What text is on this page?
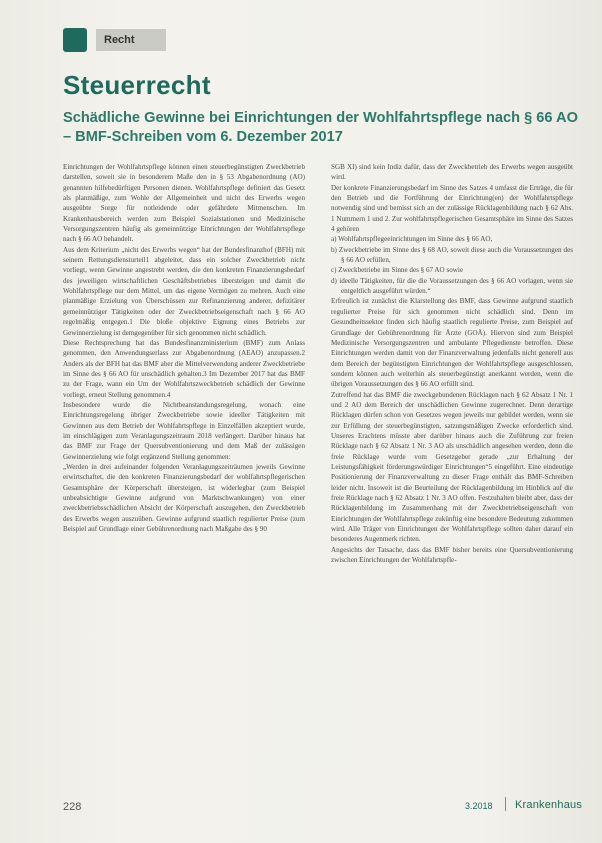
Recht
Steuerrecht
Schädliche Gewinne bei Einrichtungen der Wohlfahrtspflege nach § 66 AO – BMF-Schreiben vom 6. Dezember 2017

Einrichtungen der Wohlfahrtspflege können einen steuerbegünstigten Zweckbetrieb darstellen, soweit sie in besonderem Maße den in § 53 Abgabenordnung (AO) genannten hilfebedürftigen Personen dienen. Wohlfahrtspflege definiert das Gesetz als planmäßige, zum Wohle der Allgemeinheit und nicht des Erwerbs wegen ausgeübte Sorge für notleidende oder gefährdete Mitmenschen. Im Krankenhausbereich werden zum Beispiel Sozialstationen und Medizinische Versorgungszentren häufig als gemeinnützige Einrichtungen der Wohlfahrtspflege nach § 66 AO behandelt.

Aus dem Kriterium „nicht des Erwerbs wegen“ hat der Bundesfinanzhof (BFH) mit seinem Rettungsdiensturteil1 abgeleitet, dass ein solcher Zweckbetrieb nicht vorliegt, wenn Gewinne angestrebt werden, die den konkreten Finanzierungsbedarf des jeweiligen wirtschaftlichen Geschäftsbetriebes übersteigen und damit die Wohlfahrtspflege nur dem Mittel, um das eigene Vermögen zu mehren. Auch eine planmäßige Erzielung von Überschüssen zur Refinanzierung anderer, defizitärer gemeinnütziger Tätigkeiten oder der Zweckbetriebseigenschaft nach § 66 AO regelmäßig entgegen.1 Die bloße objektive Eignung eines Betriebs zur Gewinnerzielung ist demgegenüber für sich genommen nicht schädlich.

Diese Rechtsprechung hat das Bundesfinanzministerium (BMF) zum Anlass genommen, den Anwendungserlass zur Abgabenordnung (AEAO) anzupassen.2 Anders als der BFH hat das BMF aber die Mittelverwendung anderer Zweckbetriebe im Sinne des § 66 AO für unschädlich gehalten.3 Im Dezember 2017 hat das BMF zu der Frage, wann ein Um der Wohlfahrtszweckbetrieb schädlich der Gewinne vorliegt, erneut Stellung genommen.4

Insbesondere wurde die Nichtbeanstandungsregelung, wonach eine Einrichtungsregelung übriger Zweckbetriebe sowie ideeller Tätigkeiten mit Gewinnen aus dem Betrieb der Wohlfahrtspflege in Einzelfällen akzeptiert wurde, im einschlägigen zum Veranlagungszeitraum 2018 verlängert. Darüber hinaus hat das BMF zur Frage der Quersubventionierung und dem Maß der zulässigen Gewinnerzielung wie folgt ergänzend Stellung genommen:

„Werden in drei aufeinander folgenden Veranlagungszeiträumen jeweils Gewinne erwirtschaftet, die den konkreten Finanzierungsbedarf der wohlfahrtspflegerischen Gesamtsphäre der Körperschaft übersteigen, ist widerlegbar (zum Beispiel unbeabsichtigte Gewinne aufgrund von Marktschwankungen) von einer zweckbetriebsschädlichen Absicht der Körperschaft auszugehen, den Zweckbetrieb des Erwerbs wegen auszuüben. Gewinne aufgrund staatlich regulierter Preise (zum Beispiel auf Grundlage einer Gebührenordnung nach Maßgabe des § 90

SGB XI) sind kein Indiz dafür, dass der Zweckbetrieb des Erwerbs wegen ausgeübt wird.

Der konkrete Finanzierungsbedarf im Sinne des Satzes 4 umfasst die Erträge, die für den Betrieb und die Fortführung der Einrichtung(en) der Wohlfahrtspflege notwendig sind und bemisst sich an der zulässige Rücklagenbildung nach § 62 Abs. 1 Nummern 1 und 2. Zur wohlfahrtspflegerischen Gesamtsphäre im Sinne des Satzes 4 gehören

a) Wohlfahrtspflegeeinrichtungen im Sinne des § 66 AO,
b) Zweckbetriebe im Sinne des § 68 AO, soweit diese auch die Voraussetzungen des § 66 AO erfüllen,
c) Zweckbetriebe im Sinne des § 67 AO sowie
d) ideelle Tätigkeiten, für die die Voraussetzungen des § 66 AO vorlagen, wenn sie entgeltlich ausgeführt würden.“

Erfreulich ist zunächst die Klarstellung des BMF, dass Gewinne aufgrund staatlich regulierter Preise für sich genommen nicht schädlich sind. Denn im Gesundheitssektor finden sich häufig staatlich regulierte Preise, zum Beispiel auf Grundlage der Gebührenordnung für Ärzte (GOÄ). Hiervon sind zum Beispiel Medizinische Versorgungszentren und ambulante Pflegedienste betroffen. Diese Einrichtungen werden damit von der Finanzverwaltung jedenfalls nicht generell aus dem Bereich der begünstigten Einrichtungen der Wohlfahrtspflege ausgeschlossen, sondern können auch weiterhin als steuerbegünstigt anerkannt werden, wenn die übrigen Voraussetzungen des § 66 AO erfüllt sind.

Zutreffend hat das BMF die zweckgebundenen Rücklagen nach § 62 Absatz 1 Nr. 1 und 2 AO dem Bereich der unschädlichen Gewinne zugerechnet. Denn derartige Rücklagen dürfen schon von Gesetzes wegen jeweils nur gebildet werden, wenn sie zur Erfüllung der steuerbegünstigten, satzungsmäßigen Zwecke erforderlich sind. Unseres Erachtens müsste aber darüber hinaus auch die Zuführung zur freien Rücklage nach § 62 Absatz 1 Nr. 3 AO als unschädlich angesehen werden, denn die freie Rücklage wurde vom Gesetzgeber gerade „zur Erhaltung der Leistungsfähigkeit förderungswürdiger Einrichtungen“5 eingeführt. Eine eindeutige Positionierung der Finanzverwaltung zu dieser Frage enthält das BMF-Schreiben leider nicht. Insoweit ist die Beurteilung der Rücklagenbildung im Hinblick auf die freie Rücklage nach § 62 Absatz 1 Nr. 3 AO offen. Festzuhalten bleibt aber, dass der Rücklagenbildung im Zusammenhang mit der Zweckbetriebseigenschaft von Einrichtungen der Wohlfahrtspflege zukünftig eine besondere Bedeutung zukommen wird. Alle Träger von Einrichtungen der Wohlfahrtspflege sollten daher darauf ein besonderes Augenmerk richten.

Angesichts der Tatsache, dass das BMF bisher bereits eine Quersubventionierung zwischen Einrichtungen der Wohlfahrtspfle-

228	3.2018 Krankenhaus
